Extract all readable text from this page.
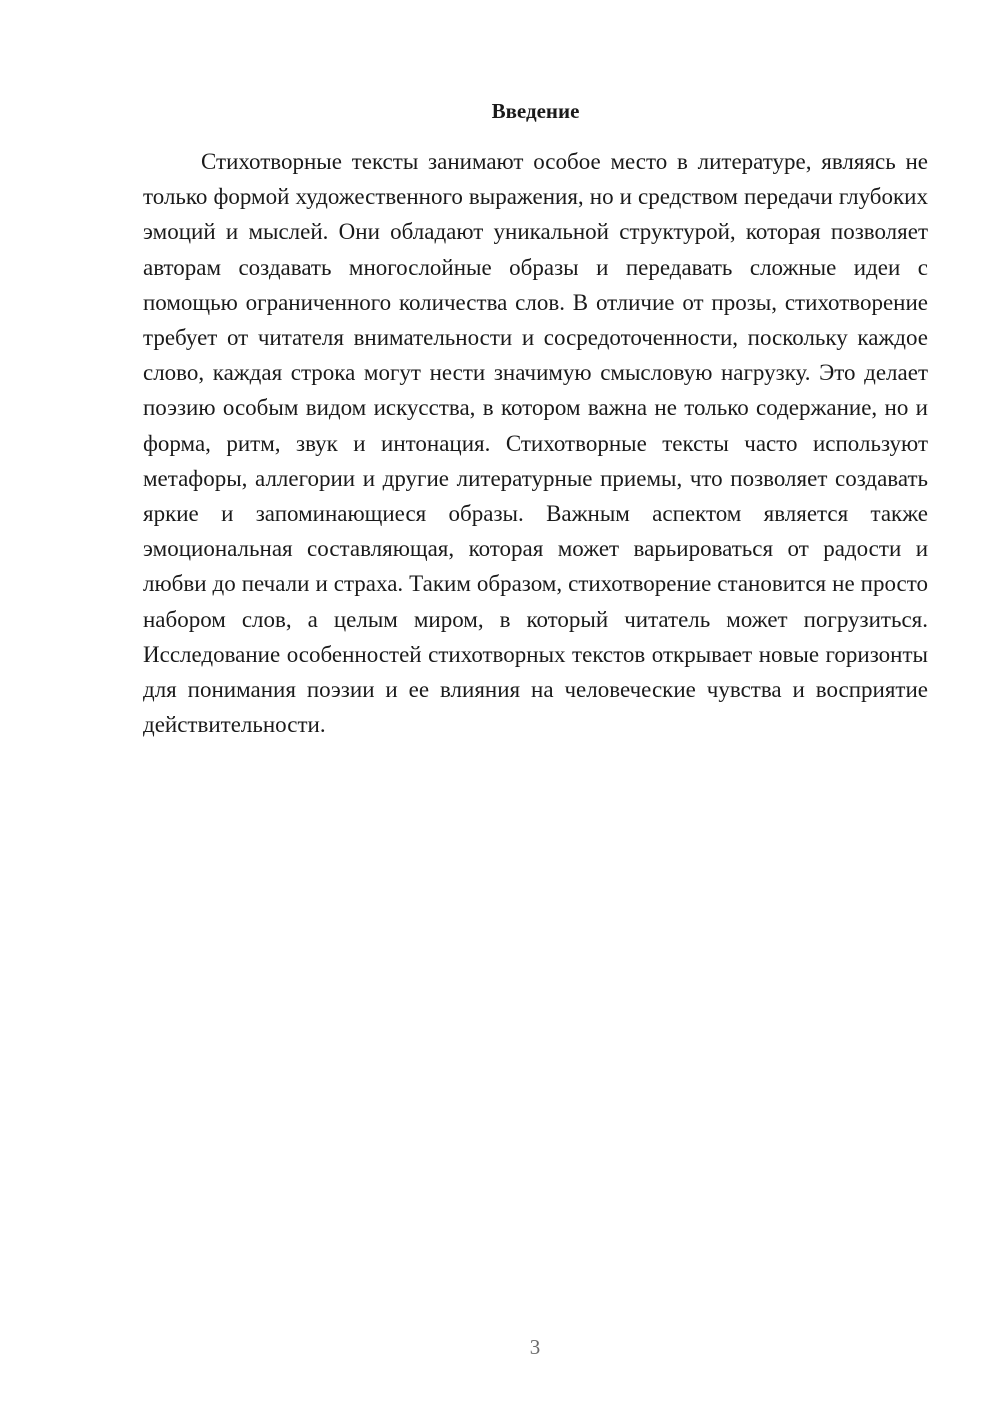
Введение

Стихотворные тексты занимают особое место в литературе, являясь не только формой художественного выражения, но и средством передачи глубоких эмоций и мыслей. Они обладают уникальной структурой, которая позволяет авторам создавать многослойные образы и передавать сложные идеи с помощью ограниченного количества слов. В отличие от прозы, стихотворение требует от читателя внимательности и сосредоточенности, поскольку каждое слово, каждая строка могут нести значимую смысловую нагрузку. Это делает поэзию особым видом искусства, в котором важна не только содержание, но и форма, ритм, звук и интонация. Стихотворные тексты часто используют метафоры, аллегории и другие литературные приемы, что позволяет создавать яркие и запоминающиеся образы. Важным аспектом является также эмоциональная составляющая, которая может варьироваться от радости и любви до печали и страха. Таким образом, стихотворение становится не просто набором слов, а целым миром, в который читатель может погрузиться. Исследование особенностей стихотворных текстов открывает новые горизонты для понимания поэзии и ее влияния на человеческие чувства и восприятие действительности.

3
